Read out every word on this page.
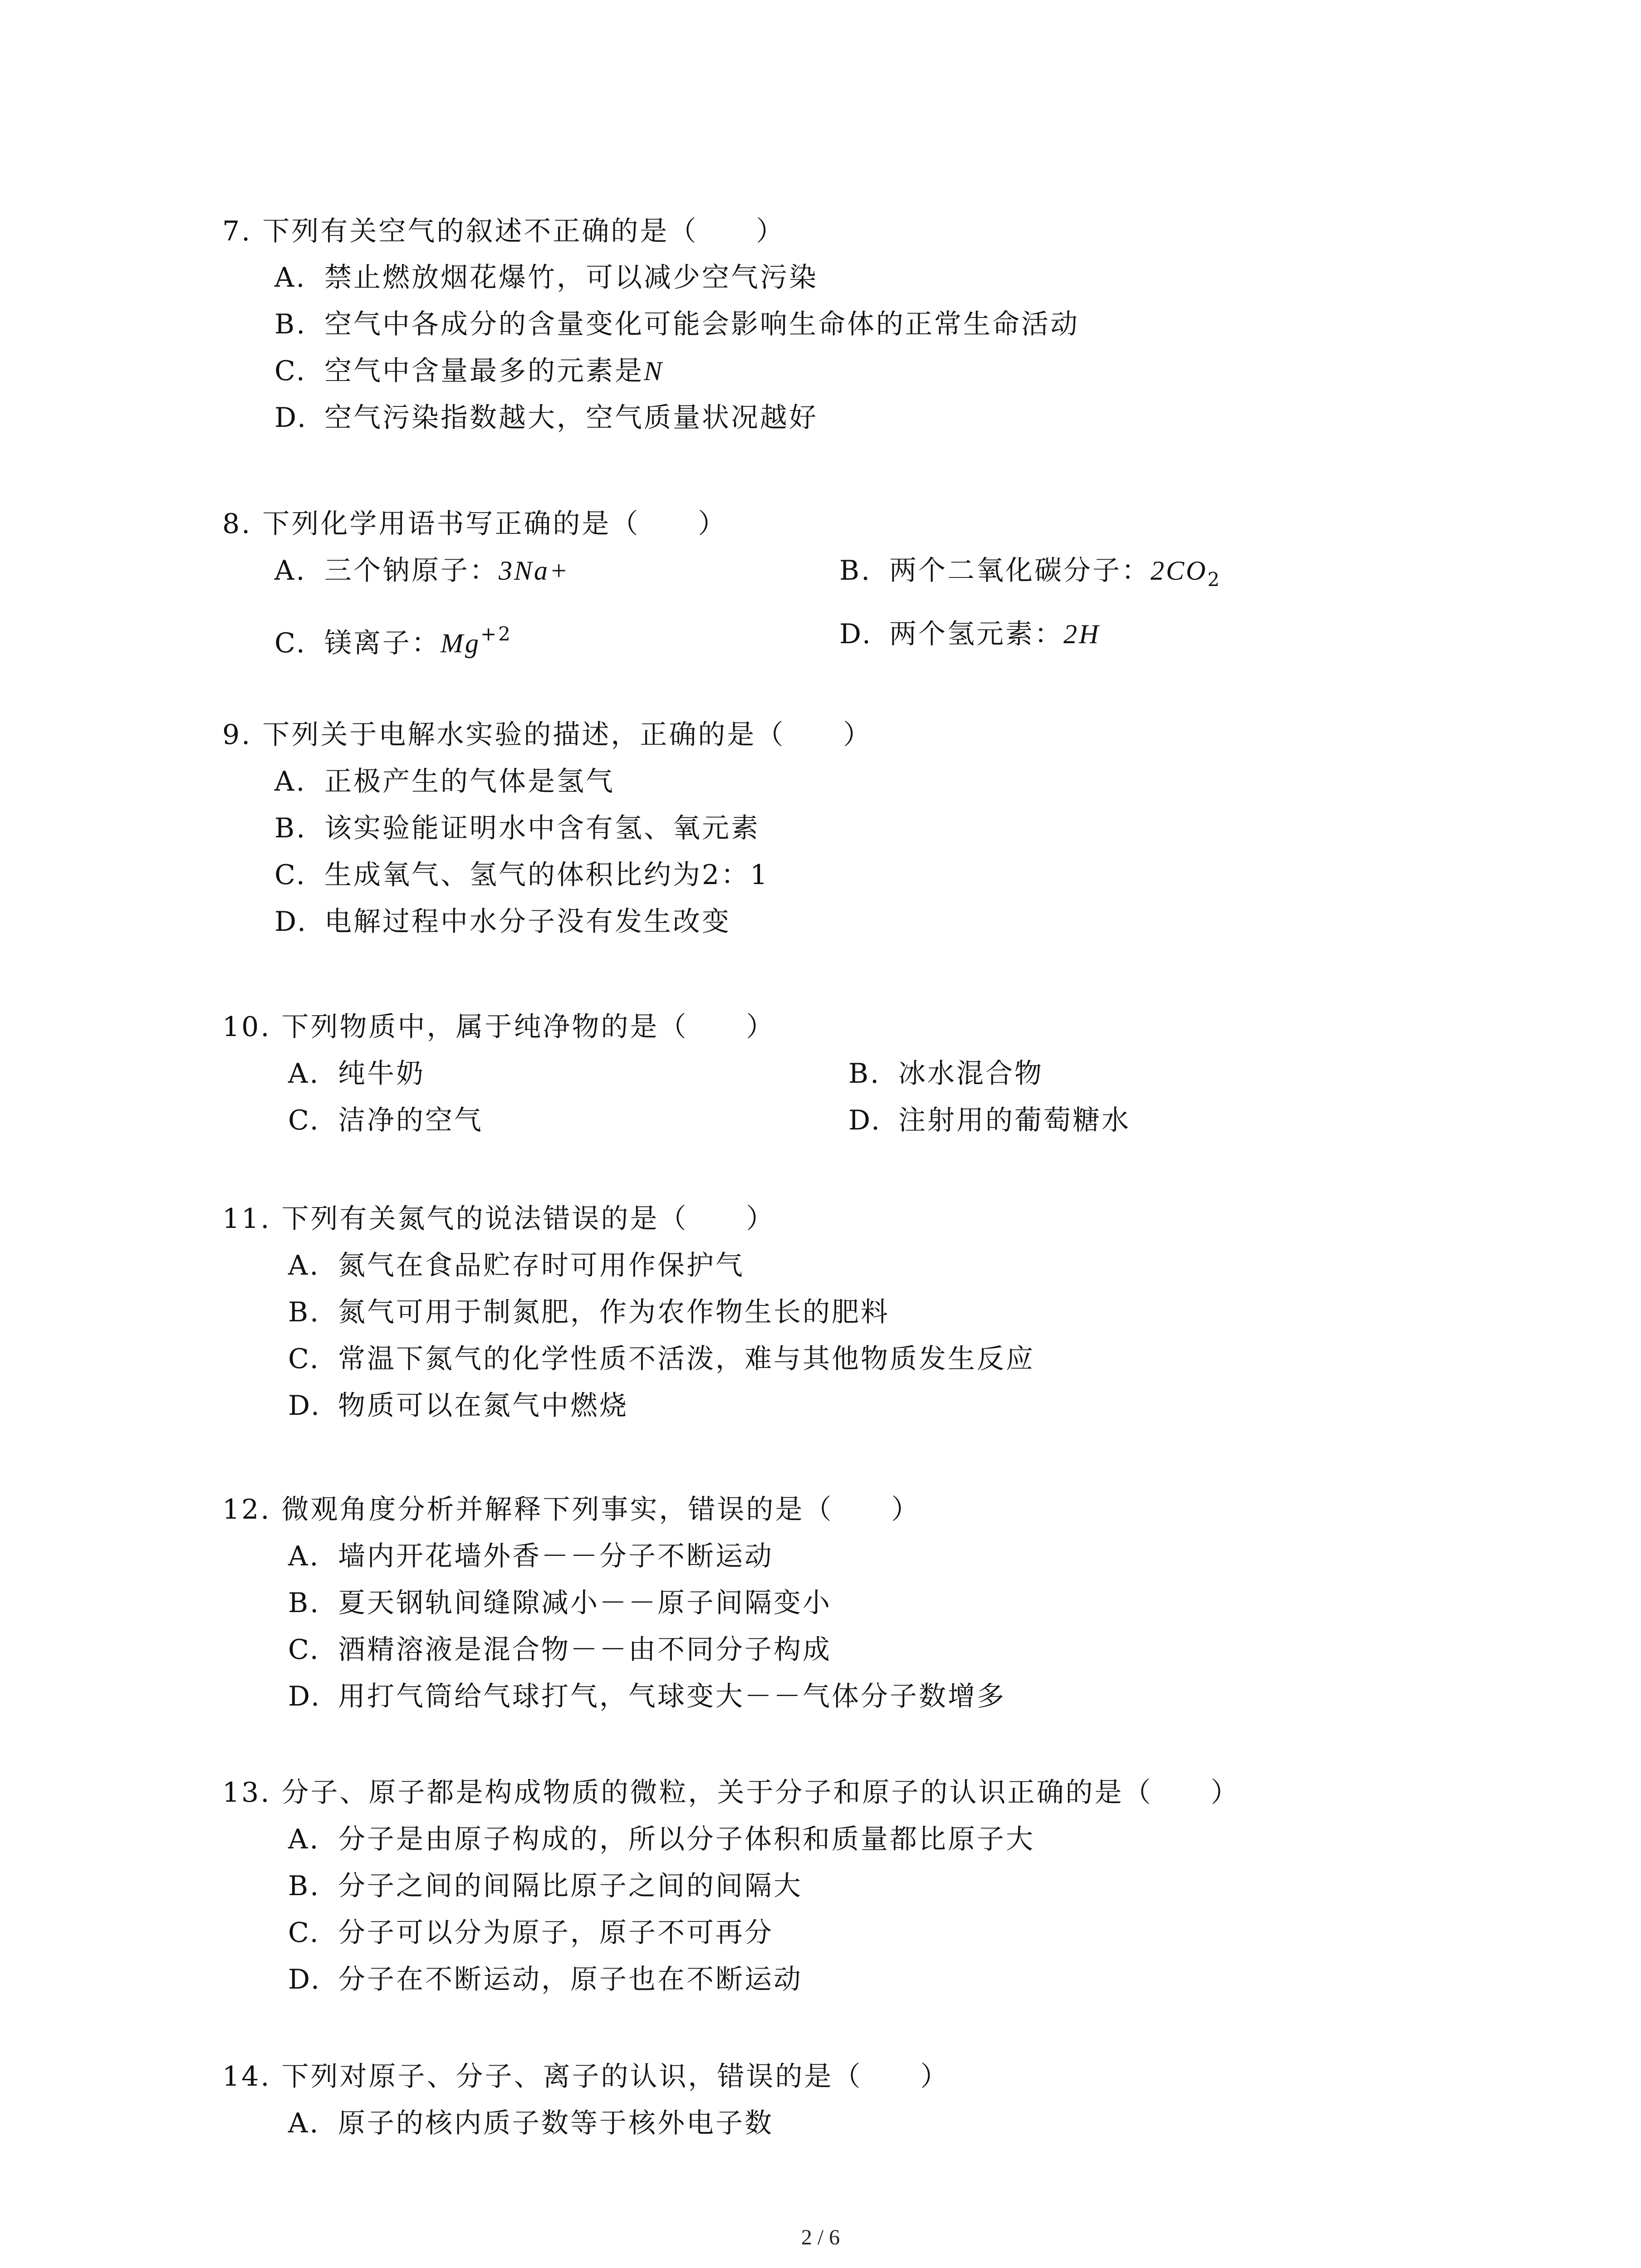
7. 下列有关空气的叙述不正确的是（　　）
A. 禁止燃放烟花爆竹，可以减少空气污染
B. 空气中各成分的含量变化可能会影响生命体的正常生命活动
C. 空气中含量最多的元素是N
D. 空气污染指数越大，空气质量状况越好
8. 下列化学用语书写正确的是（　　）
A. 三个钠原子：3Na+	B. 两个二氧化碳分子：$2CO_2$
C. 镁离子：$Mg^{+2}$	D. 两个氢元素：2H
9. 下列关于电解水实验的描述，正确的是（　　）
A. 正极产生的气体是氢气
B. 该实验能证明水中含有氢、氧元素
C. 生成氧气、氢气的体积比约为2：1
D. 电解过程中水分子没有发生改变
10. 下列物质中，属于纯净物的是（　　）
A. 纯牛奶	B. 冰水混合物
C. 洁净的空气	D. 注射用的葡萄糖水
11. 下列有关氮气的说法错误的是（　　）
A. 氮气在食品贮存时可用作保护气
B. 氮气可用于制氮肥，作为农作物生长的肥料
C. 常温下氮气的化学性质不活泼，难与其他物质发生反应
D. 物质可以在氮气中燃烧
12. 微观角度分析并解释下列事实，错误的是（　　）
A. 墙内开花墙外香－－分子不断运动
B. 夏天钢轨间缝隙减小－－原子间隔变小
C. 酒精溶液是混合物－－由不同分子构成
D. 用打气筒给气球打气，气球变大－－气体分子数增多
13. 分子、原子都是构成物质的微粒，关于分子和原子的认识正确的是（　　）
A. 分子是由原子构成的，所以分子体积和质量都比原子大
B. 分子之间的间隔比原子之间的间隔大
C. 分子可以分为原子，原子不可再分
D. 分子在不断运动，原子也在不断运动
14. 下列对原子、分子、离子的认识，错误的是（　　）
A. 原子的核内质子数等于核外电子数
2 / 6
